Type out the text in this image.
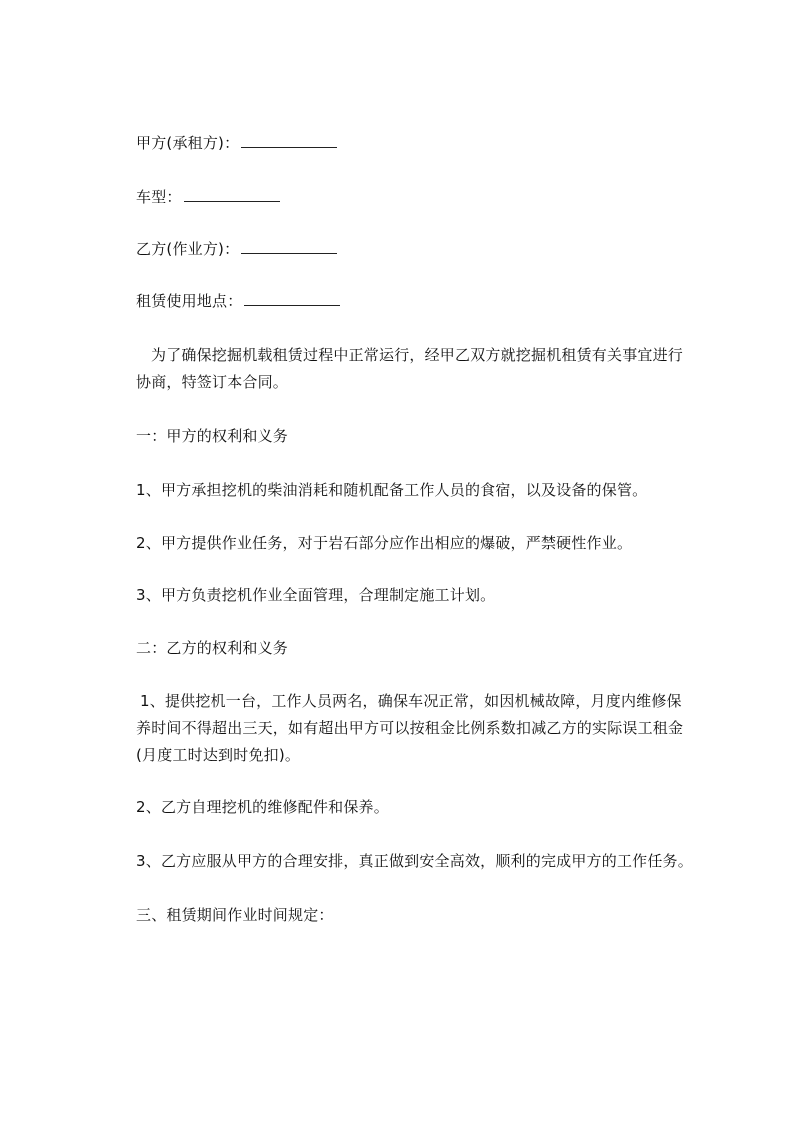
甲方(承租方)：
车型：
乙方(作业方)：
租赁使用地点：
为了确保挖掘机载租赁过程中正常运行，经甲乙双方就挖掘机租赁有关事宜进行
协商，特签订本合同。
一：甲方的权利和义务
1、甲方承担挖机的柴油消耗和随机配备工作人员的食宿，以及设备的保管。
2、甲方提供作业任务，对于岩石部分应作出相应的爆破，严禁硬性作业。
3、甲方负责挖机作业全面管理，合理制定施工计划。
二：乙方的权利和义务
1、提供挖机一台，工作人员两名，确保车况正常，如因机械故障，月度内维修保
养时间不得超出三天，如有超出甲方可以按租金比例系数扣减乙方的实际误工租金
(月度工时达到时免扣)。
2、乙方自理挖机的维修配件和保养。
3、乙方应服从甲方的合理安排，真正做到安全高效，顺利的完成甲方的工作任务。
三、租赁期间作业时间规定：
